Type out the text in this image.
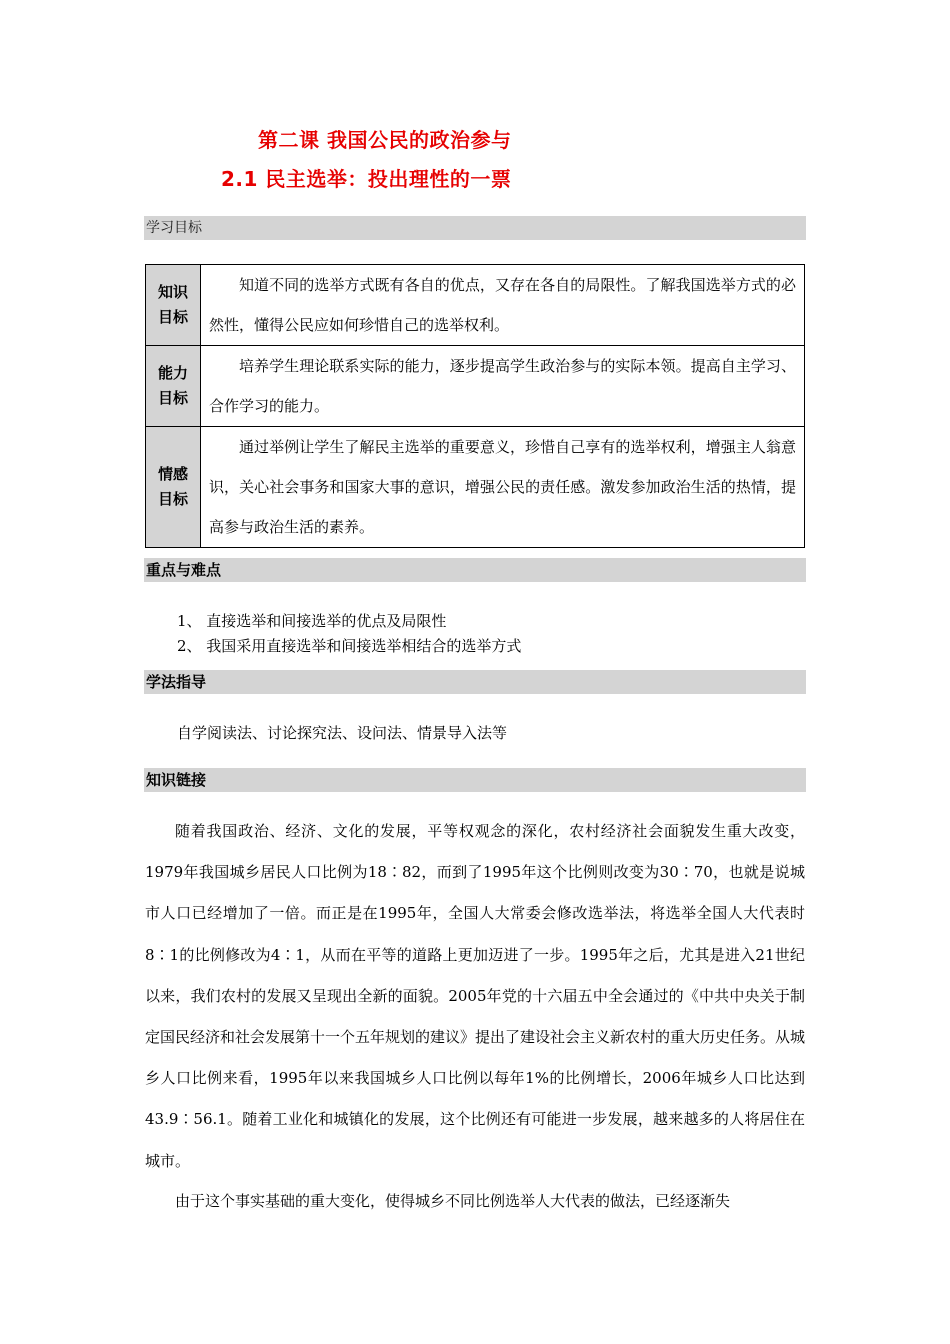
第二课 我国公民的政治参与
2.1 民主选举：投出理性的一票
学习目标
知识
目标	知道不同的选举方式既有各自的优点，又存在各自的局限性。了解我国选举方式的必然性，懂得公民应如何珍惜自己的选举权利。

能力
目标	培养学生理论联系实际的能力，逐步提高学生政治参与的实际本领。提高自主学习、合作学习的能力。

情感
目标	通过举例让学生了解民主选举的重要意义，珍惜自己享有的选举权利，增强主人翁意识，关心社会事务和国家大事的意识，增强公民的责任感。激发参加政治生活的热情，提高参与政治生活的素养。
重点与难点
1、 直接选举和间接选举的优点及局限性
2、 我国采用直接选举和间接选举相结合的选举方式
学法指导
自学阅读法、讨论探究法、设问法、情景导入法等
知识链接
随着我国政治、经济、文化的发展，平等权观念的深化，农村经济社会面貌发生重大改变，1979年我国城乡居民人口比例为18∶82，而到了1995年这个比例则改变为30∶70，也就是说城市人口已经增加了一倍。而正是在1995年，全国人大常委会修改选举法，将选举全国人大代表时8∶1的比例修改为4∶1，从而在平等的道路上更加迈进了一步。1995年之后，尤其是进入21世纪以来，我们农村的发展又呈现出全新的面貌。2005年党的十六届五中全会通过的《中共中央关于制定国民经济和社会发展第十一个五年规划的建议》提出了建设社会主义新农村的重大历史任务。从城乡人口比例来看，1995年以来我国城乡人口比例以每年1%的比例增长，2006年城乡人口比达到43.9∶56.1。随着工业化和城镇化的发展，这个比例还有可能进一步发展，越来越多的人将居住在城市。
由于这个事实基础的重大变化，使得城乡不同比例选举人大代表的做法，已经逐渐失
